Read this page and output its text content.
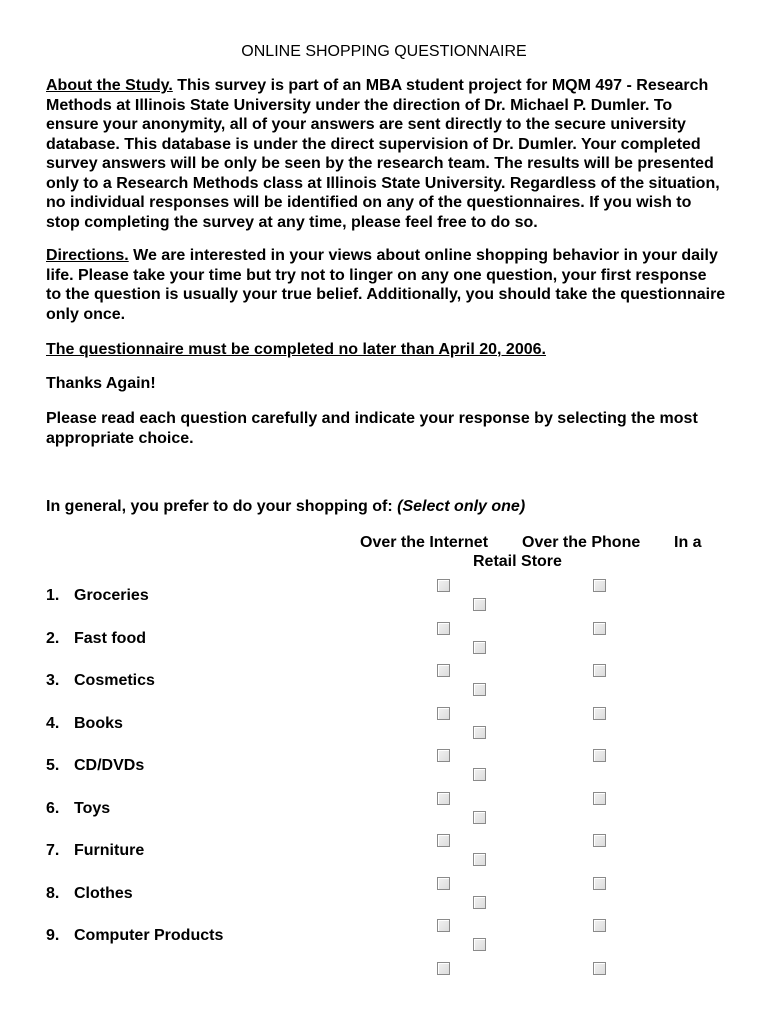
ONLINE SHOPPING QUESTIONNAIRE

About the Study. This survey is part of an MBA student project for MQM 497 - Research Methods at Illinois State University under the direction of Dr. Michael P. Dumler. To ensure your anonymity, all of your answers are sent directly to the secure university database. This database is under the direct supervision of Dr. Dumler. Your completed survey answers will be only be seen by the research team. The results will be presented only to a Research Methods class at Illinois State University. Regardless of the situation, no individual responses will be identified on any of the questionnaires. If you wish to stop completing the survey at any time, please feel free to do so.

Directions. We are interested in your views about online shopping behavior in your daily life. Please take your time but try not to linger on any one question, your first response to the question is usually your true belief. Additionally, you should take the questionnaire only once.

The questionnaire must be completed no later than April 20, 2006.

Thanks Again!

Please read each question carefully and indicate your response by selecting the most appropriate choice.

In general, you prefer to do your shopping of: (Select only one)
Over the Internet Over the Phone In a
Retail Store
1. Groceries
2. Fast food
3. Cosmetics
4. Books
5. CD/DVDs
6. Toys
7. Furniture
8. Clothes
9. Computer Products
